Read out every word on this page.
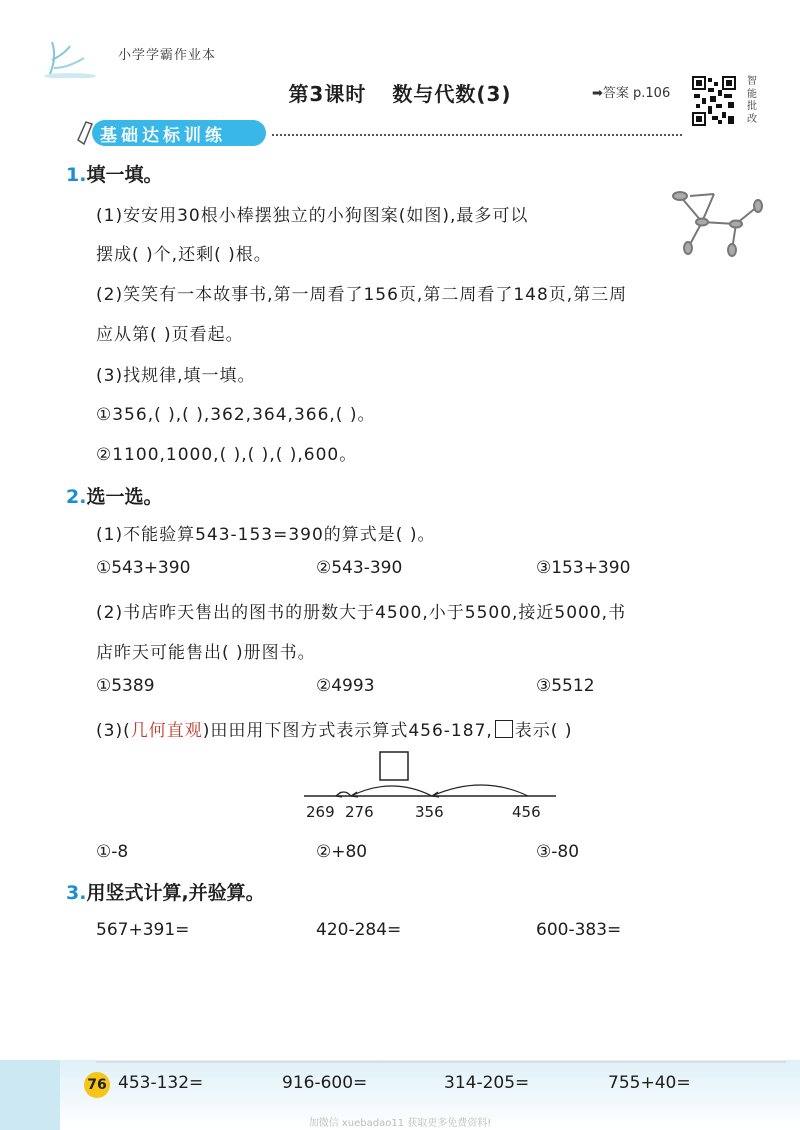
小学学霸作业本
第3课时 数与代数(3)	➡答案 p.106
智
能
批
改
基础达标训练
1.填一填。
(1)安安用30根小棒摆独立的小狗图案(如图),最多可以
摆成( )个,还剩( )根。
(2)笑笑有一本故事书,第一周看了156页,第二周看了148页,第三周
应从第( )页看起。
(3)找规律,填一填。
①356,( ),( ),362,364,366,( )。
②1100,1000,( ),( ),( ),600。
2.选一选。
(1)不能验算543-153=390的算式是( )。
①543+390	②543-390	③153+390
(2)书店昨天售出的图书的册数大于4500,小于5500,接近5000,书
店昨天可能售出( )册图书。
①5389	②4993	③5512
(3)(几何直观)田田用下图方式表示算式456-187, 表示( )
269 276	356	456
①-8	②+80	③-80
3.用竖式计算,并验算。
567+391=	420-284=	600-383=
76 453-132=	916-600=	314-205=	755+40=
加微信 xuebadao11 获取更多免费资料!
